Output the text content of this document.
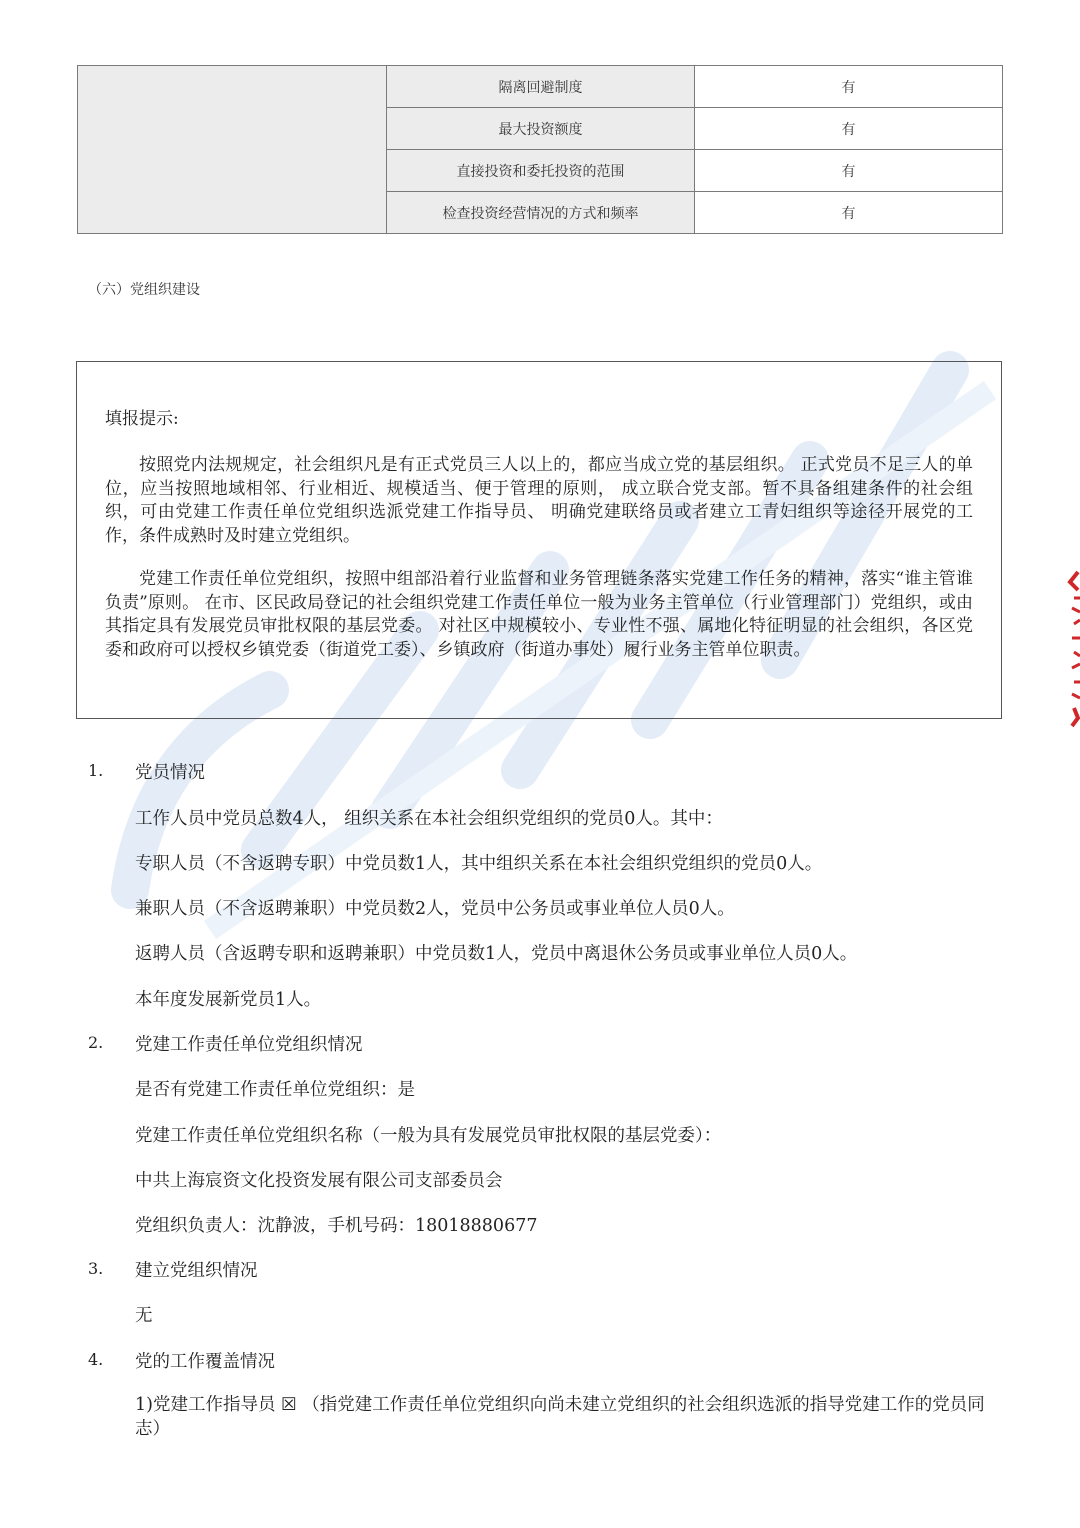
	隔离回避制度	有
	最大投资额度	有
	直接投资和委托投资的范围	有
	检查投资经营情况的方式和频率	有
（六）党组织建设
填报提示:

按照党内法规规定，社会组织凡是有正式党员三人以上的，都应当成立党的基层组织。 正式党员不足三人的单位，应当按照地域相邻、行业相近、规模适当、便于管理的原则， 成立联合党支部。暂不具备组建条件的社会组织，可由党建工作责任单位党组织选派党建工作指导员、 明确党建联络员或者建立工青妇组织等途径开展党的工作，条件成熟时及时建立党组织。

党建工作责任单位党组织，按照中组部沿着行业监督和业务管理链条落实党建工作任务的精神，落实“谁主管谁负责”原则。 在市、区民政局登记的社会组织党建工作责任单位一般为业务主管单位（行业管理部门）党组织，或由其指定具有发展党员审批权限的基层党委。 对社区中规模较小、专业性不强、属地化特征明显的社会组织，各区党委和政府可以授权乡镇党委（街道党工委）、乡镇政府（街道办事处）履行业务主管单位职责。

1. 党员情况
工作人员中党员总数4人， 组织关系在本社会组织党组织的党员0人。其中：
专职人员（不含返聘专职）中党员数1人，其中组织关系在本社会组织党组织的党员0人。
兼职人员（不含返聘兼职）中党员数2人，党员中公务员或事业单位人员0人。
返聘人员（含返聘专职和返聘兼职）中党员数1人，党员中离退休公务员或事业单位人员0人。
本年度发展新党员1人。
2. 党建工作责任单位党组织情况
是否有党建工作责任单位党组织：是
党建工作责任单位党组织名称（一般为具有发展党员审批权限的基层党委）：
中共上海宸资文化投资发展有限公司支部委员会
党组织负责人：沈静波，手机号码：18018880677
3. 建立党组织情况
无
4. 党的工作覆盖情况
1)党建工作指导员 ☒ （指党建工作责任单位党组织向尚未建立党组织的社会组织选派的指导党建工作的党员同志）
